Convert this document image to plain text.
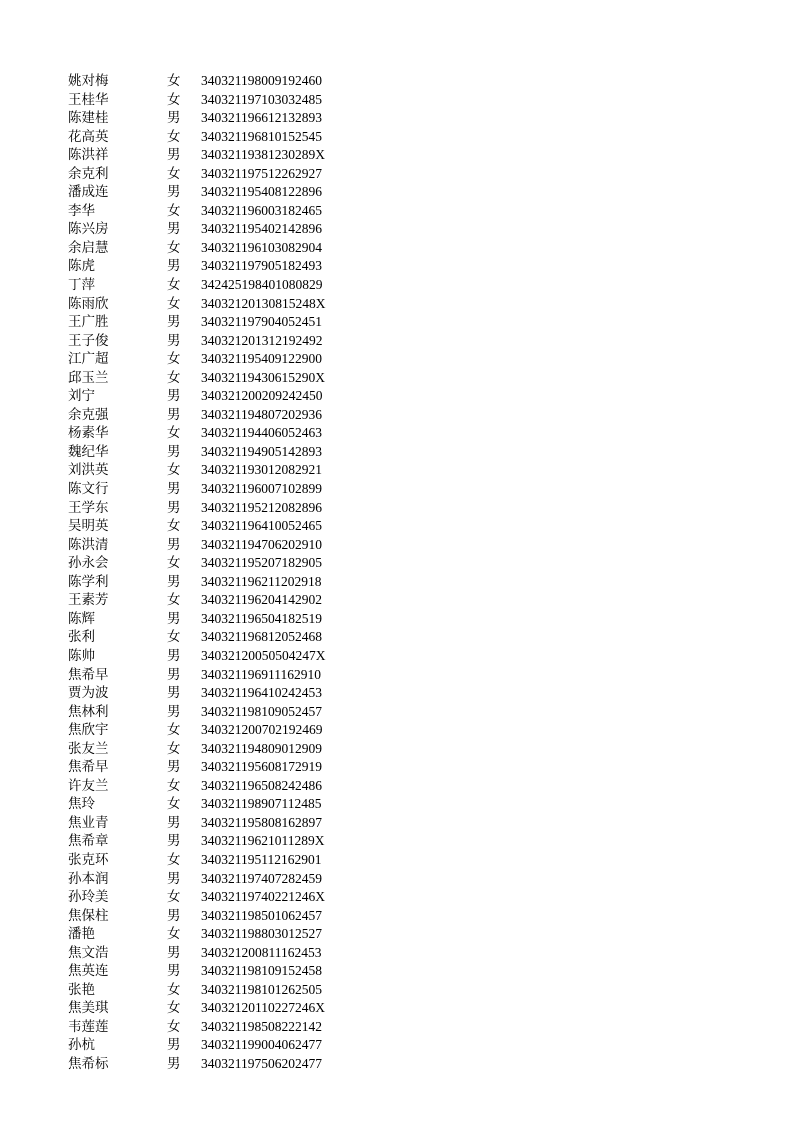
姚对梅	女	340321198009192460
王桂华	女	340321197103032485
陈建桂	男	340321196612132893
花高英	女	340321196810152545
陈洪祥	男	34032119381230289X
余克利	女	340321197512262927
潘成连	男	340321195408122896
李华	女	340321196003182465
陈兴房	男	340321195402142896
余启慧	女	340321196103082904
陈虎	男	340321197905182493
丁萍	女	342425198401080829
陈雨欣	女	34032120130815248X
王广胜	男	340321197904052451
王子俊	男	340321201312192492
江广超	女	340321195409122900
邱玉兰	女	34032119430615290X
刘宁	男	340321200209242450
余克强	男	340321194807202936
杨素华	女	340321194406052463
魏纪华	男	340321194905142893
刘洪英	女	340321193012082921
陈文行	男	340321196007102899
王学东	男	340321195212082896
吴明英	女	340321196410052465
陈洪清	男	340321194706202910
孙永会	女	340321195207182905
陈学利	男	340321196211202918
王素芳	女	340321196204142902
陈辉	男	340321196504182519
张利	女	340321196812052468
陈帅	男	34032120050504247X
焦希早	男	340321196911162910
贾为波	男	340321196410242453
焦林利	男	340321198109052457
焦欣宇	女	340321200702192469
张友兰	女	340321194809012909
焦希早	男	340321195608172919
许友兰	女	340321196508242486
焦玲	女	340321198907112485
焦业青	男	340321195808162897
焦希章	男	34032119621011289X
张克环	女	340321195112162901
孙本润	男	340321197407282459
孙玲美	女	34032119740221246X
焦保柱	男	340321198501062457
潘艳	女	340321198803012527
焦文浩	男	340321200811162453
焦英连	男	340321198109152458
张艳	女	340321198101262505
焦美琪	女	34032120110227246X
韦莲莲	女	340321198508222142
孙杭	男	340321199004062477
焦希标	男	340321197506202477
